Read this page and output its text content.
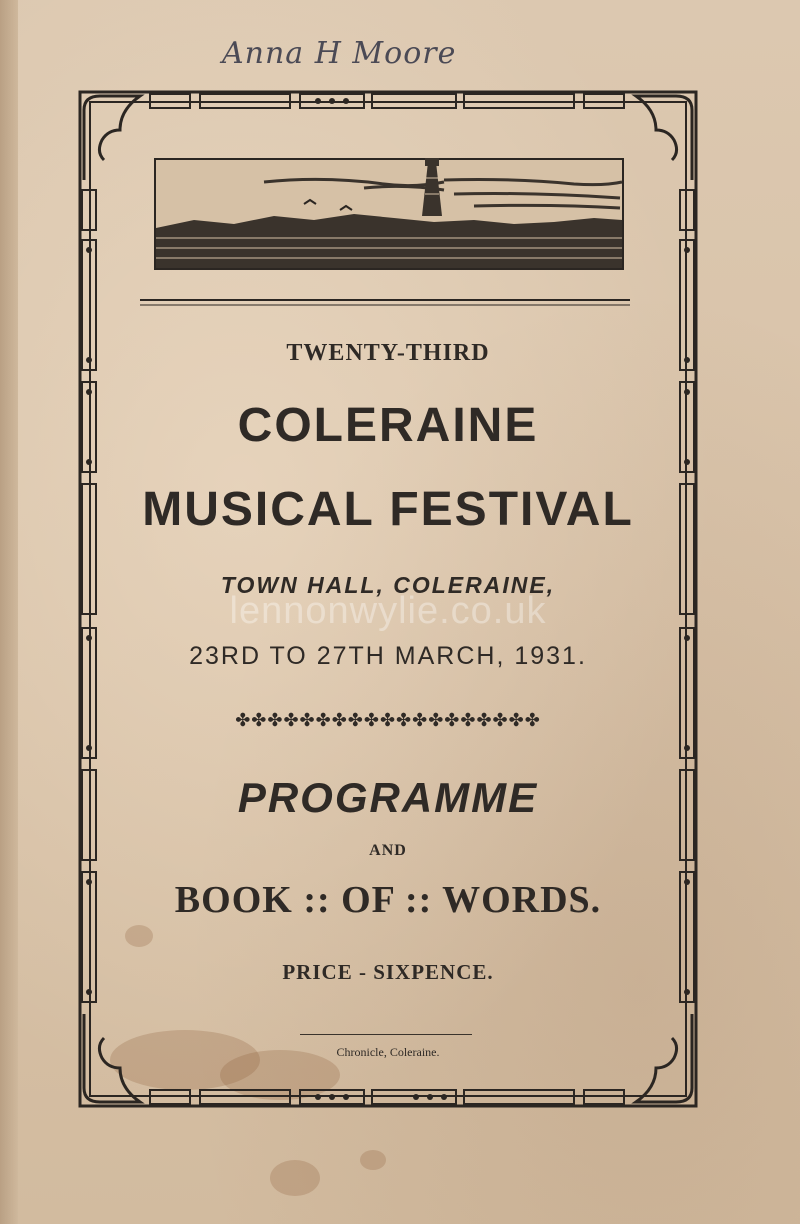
Anna H Moore
TWENTY-THIRD
COLERAINE
MUSICAL FESTIVAL
TOWN HALL, COLERAINE,
lennonwylie.co.uk
23RD TO 27TH MARCH, 1931.
✤✤✤✤✤✤✤✤✤✤✤✤✤✤✤✤✤✤✤
PROGRAMME
AND
BOOK :: OF :: WORDS.
PRICE - SIXPENCE.
Chronicle, Coleraine.
